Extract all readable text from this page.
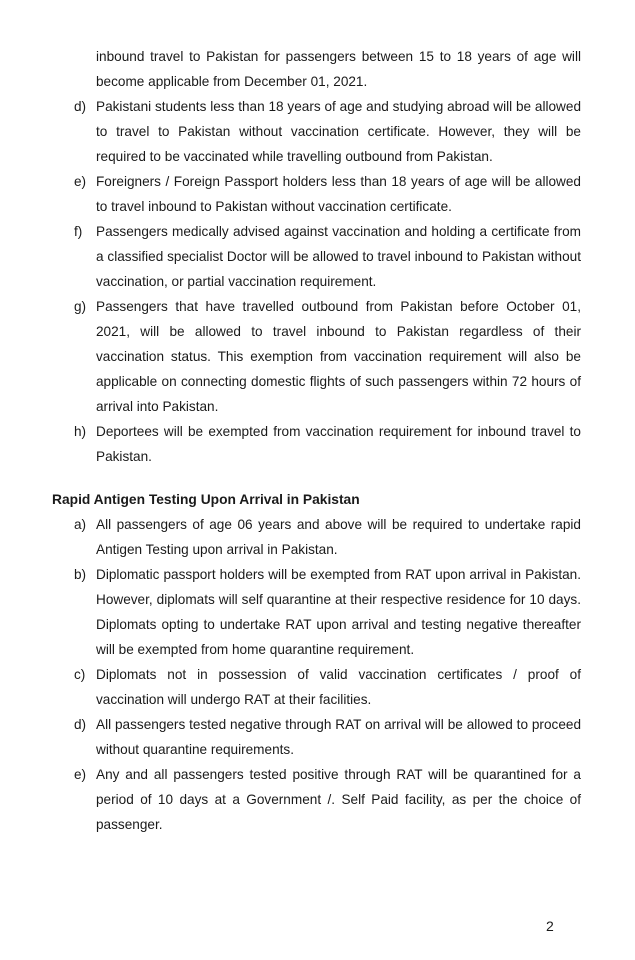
inbound travel to Pakistan for passengers between 15 to 18 years of age will become applicable from December 01, 2021.
d) Pakistani students less than 18 years of age and studying abroad will be allowed to travel to Pakistan without vaccination certificate. However, they will be required to be vaccinated while travelling outbound from Pakistan.
e) Foreigners / Foreign Passport holders less than 18 years of age will be allowed to travel inbound to Pakistan without vaccination certificate.
f) Passengers medically advised against vaccination and holding a certificate from a classified specialist Doctor will be allowed to travel inbound to Pakistan without vaccination, or partial vaccination requirement.
g) Passengers that have travelled outbound from Pakistan before October 01, 2021, will be allowed to travel inbound to Pakistan regardless of their vaccination status. This exemption from vaccination requirement will also be applicable on connecting domestic flights of such passengers within 72 hours of arrival into Pakistan.
h) Deportees will be exempted from vaccination requirement for inbound travel to Pakistan.
Rapid Antigen Testing Upon Arrival in Pakistan
a) All passengers of age 06 years and above will be required to undertake rapid Antigen Testing upon arrival in Pakistan.
b) Diplomatic passport holders will be exempted from RAT upon arrival in Pakistan. However, diplomats will self quarantine at their respective residence for 10 days. Diplomats opting to undertake RAT upon arrival and testing negative thereafter will be exempted from home quarantine requirement.
c) Diplomats not in possession of valid vaccination certificates / proof of vaccination will undergo RAT at their facilities.
d) All passengers tested negative through RAT on arrival will be allowed to proceed without quarantine requirements.
e) Any and all passengers tested positive through RAT will be quarantined for a period of 10 days at a Government /. Self Paid facility, as per the choice of passenger.
2
